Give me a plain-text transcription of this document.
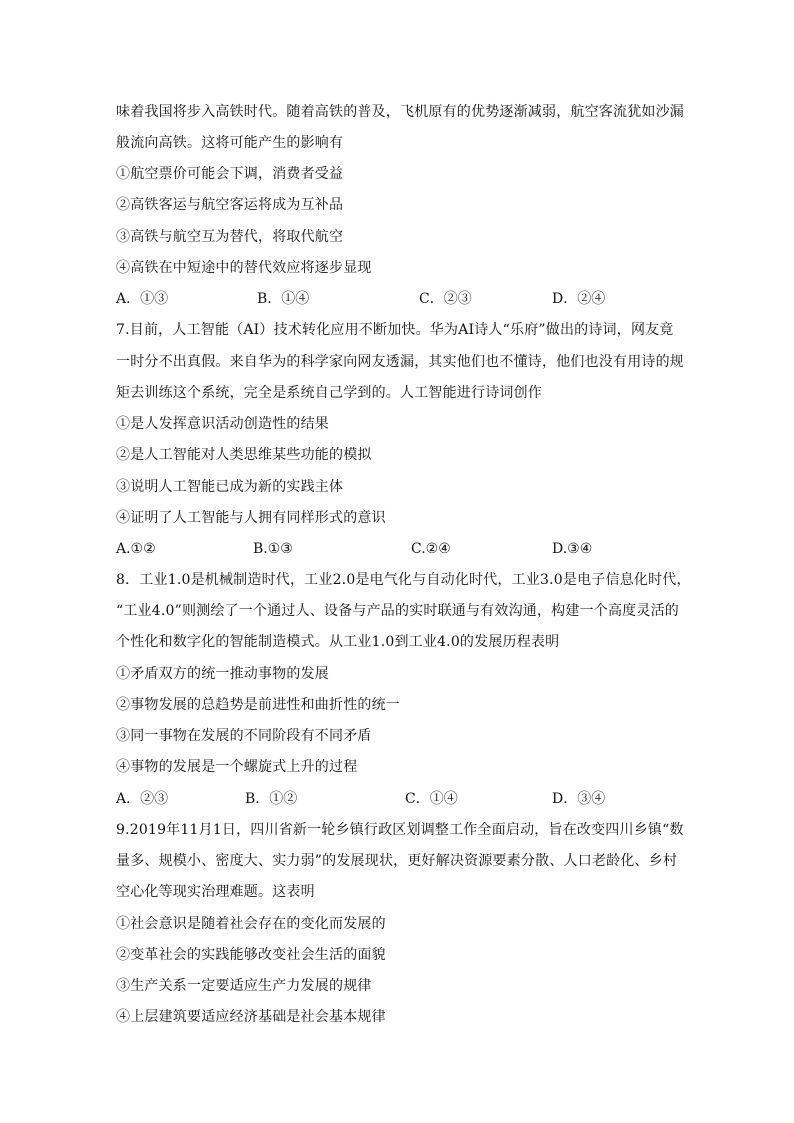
味着我国将步入高铁时代。随着高铁的普及，飞机原有的优势逐渐减弱，航空客流犹如沙漏
般流向高铁。这将可能产生的影响有
①航空票价可能会下调，消费者受益
②高铁客运与航空客运将成为互补品
③高铁与航空互为替代，将取代航空
④高铁在中短途中的替代效应将逐步显现
A．①③	B．①④	C．②③	D．②④
7.目前，人工智能（AI）技术转化应用不断加快。华为AI诗人“乐府”做出的诗词，网友竟
一时分不出真假。来自华为的科学家向网友透漏，其实他们也不懂诗，他们也没有用诗的规
矩去训练这个系统，完全是系统自己学到的。人工智能进行诗词创作
①是人发挥意识活动创造性的结果
②是人工智能对人类思维某些功能的模拟
③说明人工智能已成为新的实践主体
④证明了人工智能与人拥有同样形式的意识
A.①②	B.①③	C.②④	D.③④
8．工业1.0是机械制造时代，工业2.0是电气化与自动化时代，工业3.0是电子信息化时代，
“工业4.0”则测绘了一个通过人、设备与产品的实时联通与有效沟通，构建一个高度灵活的
个性化和数字化的智能制造模式。从工业1.0到工业4.0的发展历程表明
①矛盾双方的统一推动事物的发展
②事物发展的总趋势是前进性和曲折性的统一
③同一事物在发展的不同阶段有不同矛盾
④事物的发展是一个螺旋式上升的过程
A．②③	B．①②	C．①④	D．③④
9.2019年11月1日，四川省新一轮乡镇行政区划调整工作全面启动，旨在改变四川乡镇“数
量多、规模小、密度大、实力弱”的发展现状，更好解决资源要素分散、人口老龄化、乡村
空心化等现实治理难题。这表明
①社会意识是随着社会存在的变化而发展的
②变革社会的实践能够改变社会生活的面貌
③生产关系一定要适应生产力发展的规律
④上层建筑要适应经济基础是社会基本规律
